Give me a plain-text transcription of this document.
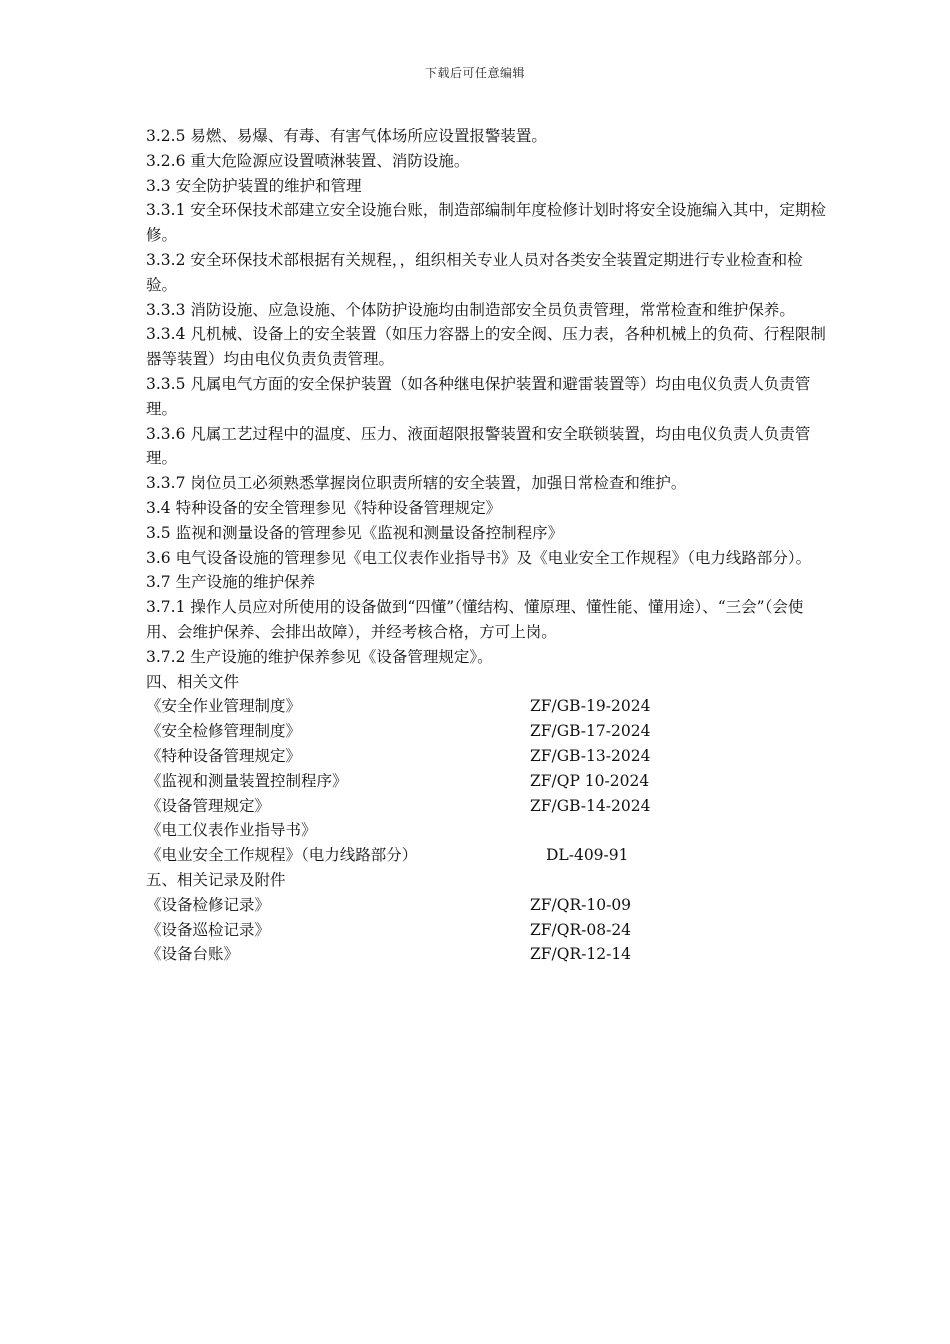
下载后可任意编辑

3.2.5 易燃、易爆、有毒、有害气体场所应设置报警装置。

3.2.6 重大危险源应设置喷淋装置、消防设施。

3.3 安全防护装置的维护和管理

3.3.1 安全环保技术部建立安全设施台账，制造部编制年度检修计划时将安全设施编入其中，定期检修。

3.3.2 安全环保技术部根据有关规程，，组织相关专业人员对各类安全装置定期进行专业检查和检验。

3.3.3 消防设施、应急设施、个体防护设施均由制造部安全员负责管理，常常检查和维护保养。

3.3.4 凡机械、设备上的安全装置（如压力容器上的安全阀、压力表，各种机械上的负荷、行程限制器等装置）均由电仪负责负责管理。

3.3.5 凡属电气方面的安全保护装置（如各种继电保护装置和避雷装置等）均由电仪负责人负责管理。

3.3.6 凡属工艺过程中的温度、压力、液面超限报警装置和安全联锁装置，均由电仪负责人负责管理。

3.3.7 岗位员工必须熟悉掌握岗位职责所辖的安全装置，加强日常检查和维护。

3.4 特种设备的安全管理参见《特种设备管理规定》

3.5 监视和测量设备的管理参见《监视和测量设备控制程序》

3.6 电气设备设施的管理参见《电工仪表作业指导书》及《电业安全工作规程》（电力线路部分）。

3.7 生产设施的维护保养

3.7.1 操作人员应对所使用的设备做到“四懂”（懂结构、懂原理、懂性能、懂用途）、“三会”（会使用、会维护保养、会排出故障），并经考核合格，方可上岗。

3.7.2 生产设施的维护保养参见《设备管理规定》。

四、相关文件

《安全作业管理制度》	ZF/GB-19-2024
《安全检修管理制度》	ZF/GB-17-2024
《特种设备管理规定》	ZF/GB-13-2024
《监视和测量装置控制程序》	ZF/QP 10-2024
《设备管理规定》	ZF/GB-14-2024
《电工仪表作业指导书》
《电业安全工作规程》（电力线路部分）	DL-409-91

五、相关记录及附件

《设备检修记录》	ZF/QR-10-09
《设备巡检记录》	ZF/QR-08-24
《设备台账》	ZF/QR-12-14
